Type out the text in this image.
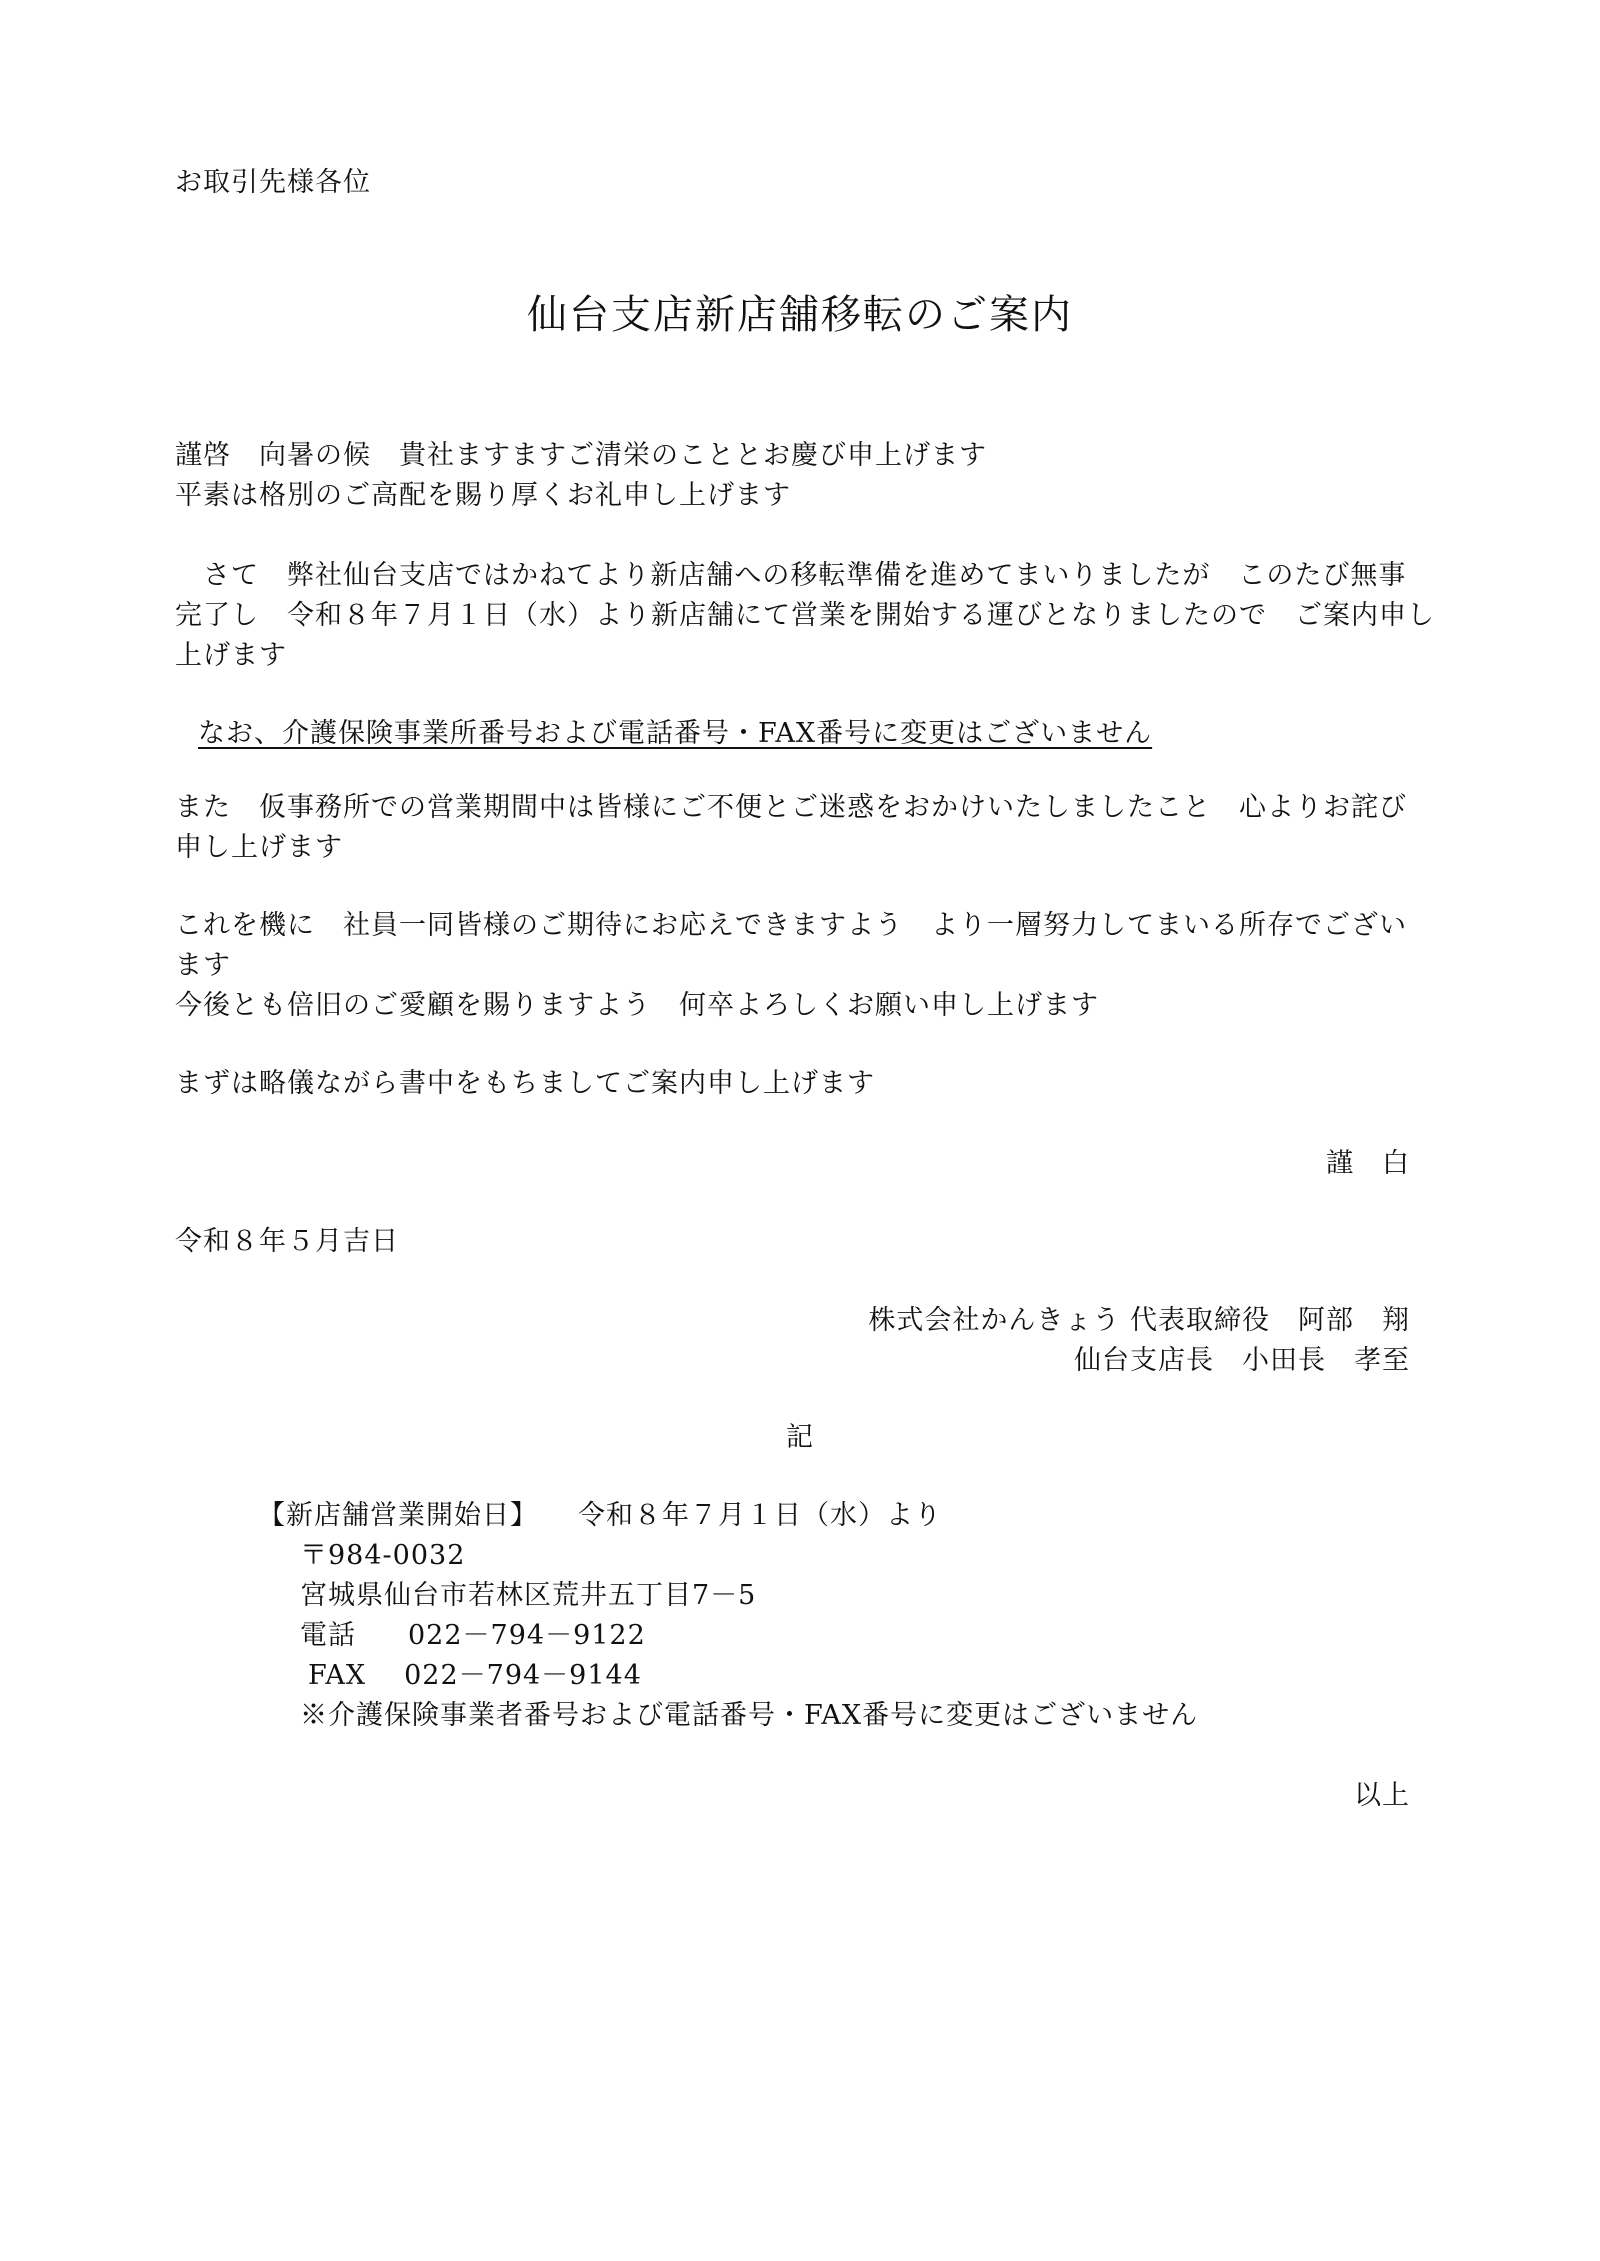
お取引先様各位
仙台支店新店舗移転のご案内
謹啓　向暑の候　貴社ますますご清栄のこととお慶び申上げます
平素は格別のご高配を賜り厚くお礼申し上げます
　さて　弊社仙台支店ではかねてより新店舗への移転準備を進めてまいりましたが　このたび無事
完了し　令和８年７月１日（水）より新店舗にて営業を開始する運びとなりましたので　ご案内申し
上げます
なお、介護保険事業所番号および電話番号・FAX番号に変更はございません
また　仮事務所での営業期間中は皆様にご不便とご迷惑をおかけいたしましたこと　心よりお詫び
申し上げます
これを機に　社員一同皆様のご期待にお応えできますよう　より一層努力してまいる所存でござい
ます
今後とも倍旧のご愛顧を賜りますよう　何卒よろしくお願い申し上げます
まずは略儀ながら書中をもちましてご案内申し上げます
謹　白
令和８年５月吉日
株式会社かんきょう 代表取締役　阿部　翔
仙台支店長　小田長　孝至
記
【新店舗営業開始日】 令和８年７月１日（水）より
〒984-0032
宮城県仙台市若林区荒井五丁目7－5
電話 022－794－9122
FAX 022－794－9144
※介護保険事業者番号および電話番号・FAX番号に変更はございません
以上
